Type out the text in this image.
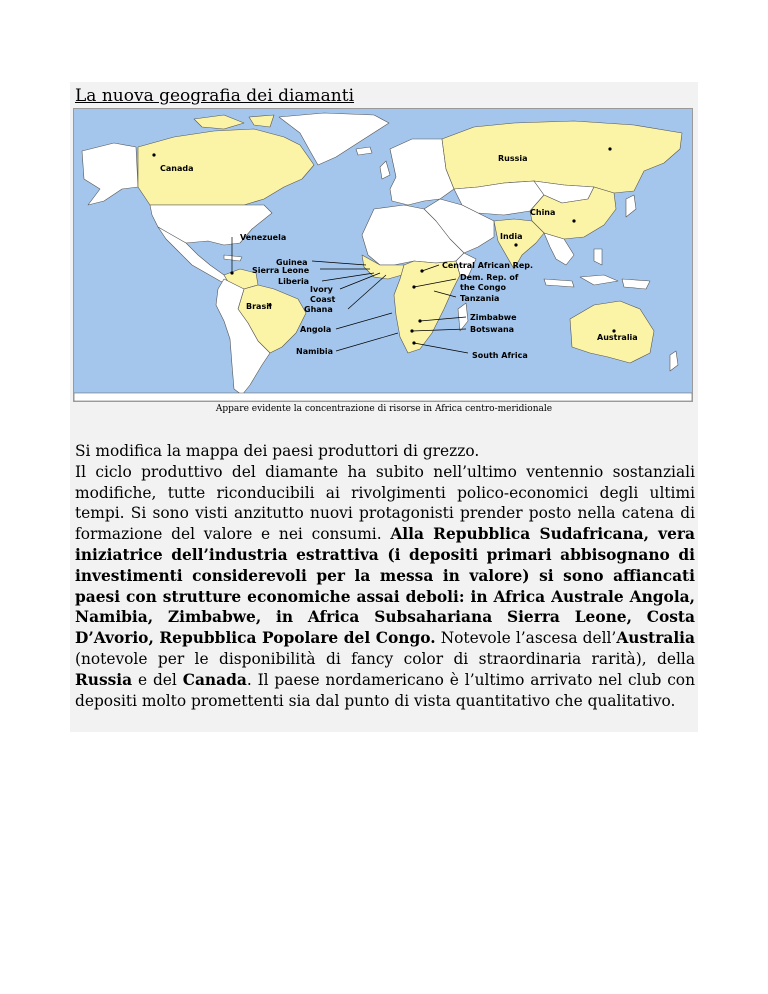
La nuova geografia dei diamanti
Canada
Russia
China
India
Venezuela
Guinea
Sierra Leone
Liberia
Ivory
Coast
Ghana
Brasil
Central African Rep.
Dem. Rep. of
the Congo
Tanzania
Zimbabwe
Angola	Botswana
Australia
Namibia	South Africa
Appare evidente la concentrazione di risorse in Africa centro-meridionale

Si modifica la mappa dei paesi produttori di grezzo.

Il ciclo produttivo del diamante ha subito nell’ultimo ventennio sostanziali modifiche, tutte riconducibili ai rivolgimenti polico-economici degli ultimi tempi. Si sono visti anzitutto nuovi protagonisti prender posto nella catena di formazione del valore e nei consumi. Alla Repubblica Sudafricana, vera iniziatrice dell’industria estrattiva (i depositi primari abbisognano di investimenti considerevoli per la messa in valore) si sono affiancati paesi con strutture economiche assai deboli: in Africa Australe Angola, Namibia, Zimbabwe, in Africa Subsahariana Sierra Leone, Costa D’Avorio, Repubblica Popolare del Congo. Notevole l’ascesa dell’Australia (notevole per le disponibilità di fancy color di straordinaria rarità), della Russia e del Canada. Il paese nordamericano è l’ultimo arrivato nel club con depositi molto promettenti sia dal punto di vista quantitativo che qualitativo.
